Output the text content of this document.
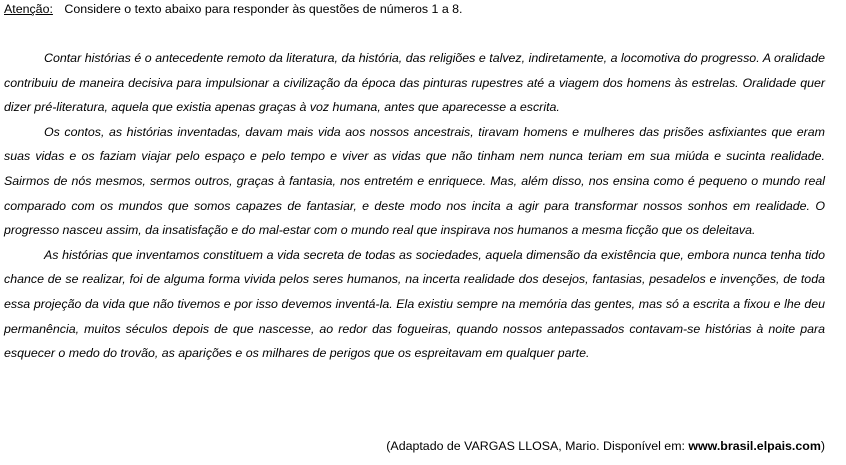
Atenção: Considere o texto abaixo para responder às questões de números 1 a 8.

Contar histórias é o antecedente remoto da literatura, da história, das religiões e talvez, indiretamente, a locomotiva do progresso. A oralidade contribuiu de maneira decisiva para impulsionar a civilização da época das pinturas rupestres até a viagem dos homens às estrelas. Oralidade quer dizer pré-literatura, aquela que existia apenas graças à voz humana, antes que aparecesse a escrita.

Os contos, as histórias inventadas, davam mais vida aos nossos ancestrais, tiravam homens e mulheres das prisões asfixiantes que eram suas vidas e os faziam viajar pelo espaço e pelo tempo e viver as vidas que não tinham nem nunca teriam em sua miúda e sucinta realidade. Sairmos de nós mesmos, sermos outros, graças à fantasia, nos entretém e enriquece. Mas, além disso, nos ensina como é pequeno o mundo real comparado com os mundos que somos capazes de fantasiar, e deste modo nos incita a agir para transformar nossos sonhos em realidade. O progresso nasceu assim, da insatisfação e do mal-estar com o mundo real que inspirava nos humanos a mesma ficção que os deleitava.

As histórias que inventamos constituem a vida secreta de todas as sociedades, aquela dimensão da existência que, embora nunca tenha tido chance de se realizar, foi de alguma forma vivida pelos seres humanos, na incerta realidade dos desejos, fantasias, pesadelos e invenções, de toda essa projeção da vida que não tivemos e por isso devemos inventá-la. Ela existiu sempre na memória das gentes, mas só a escrita a fixou e lhe deu permanência, muitos séculos depois de que nascesse, ao redor das fogueiras, quando nossos antepassados contavam-se histórias à noite para esquecer o medo do trovão, as aparições e os milhares de perigos que os espreitavam em qualquer parte.

(Adaptado de VARGAS LLOSA, Mario. Disponível em: www.brasil.elpais.com)
